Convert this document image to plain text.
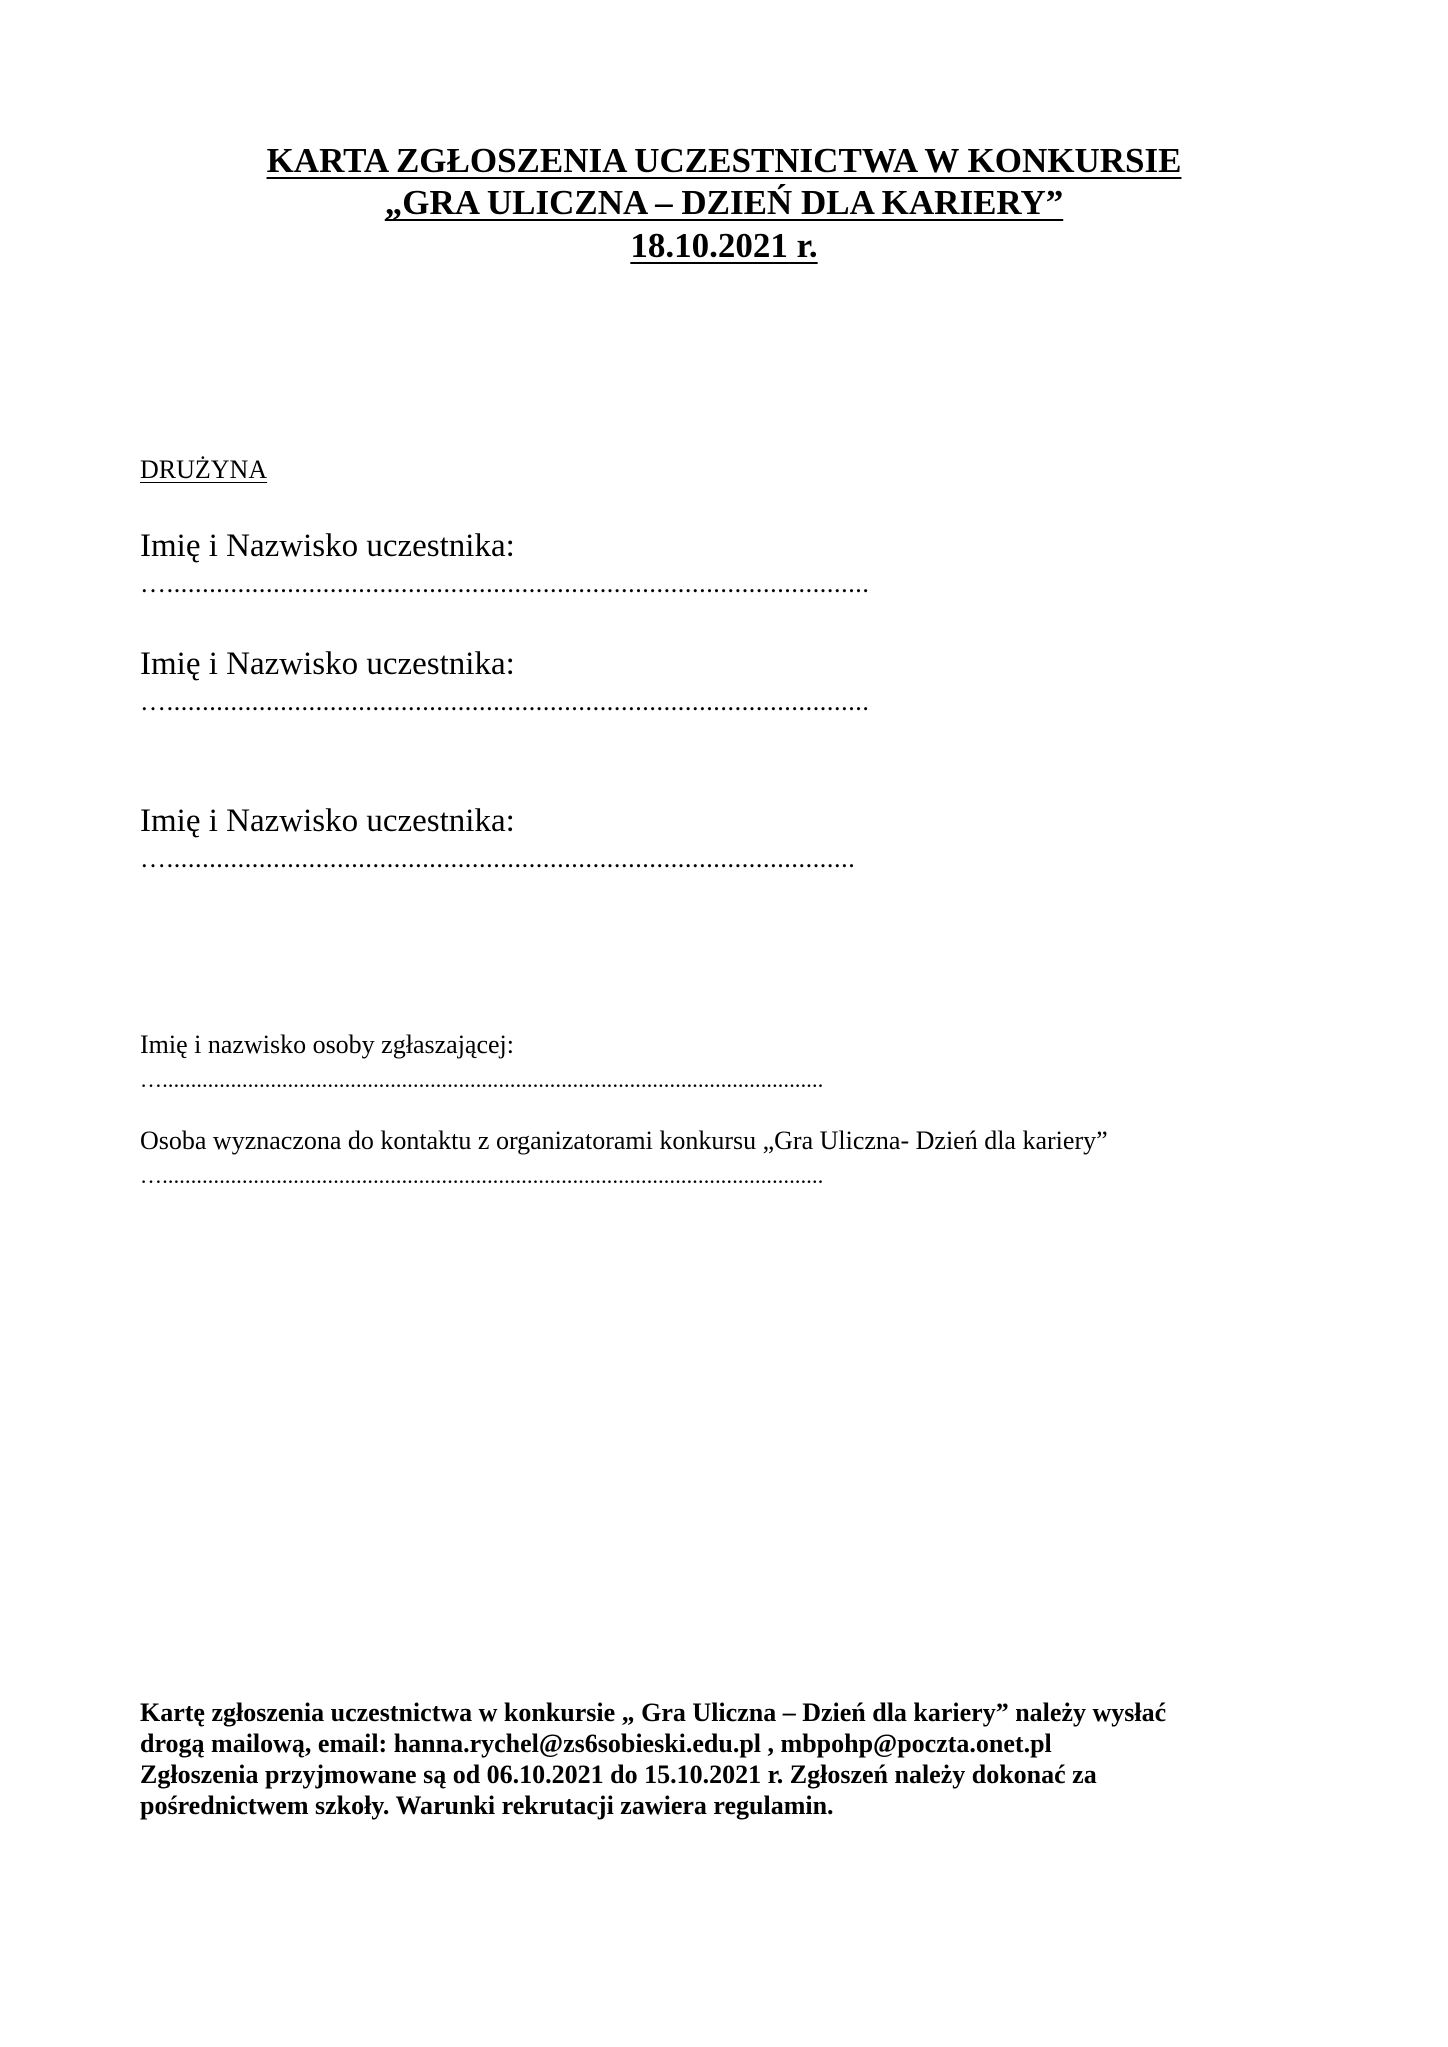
KARTA ZGŁOSZENIA UCZESTNICTWA W KONKURSIE
„GRA ULICZNA – DZIEŃ DLA KARIERY”
18.10.2021 r.
DRUŻYNA
Imię i Nazwisko uczestnika:
…...................................................................................................
Imię i Nazwisko uczestnika:
…...................................................................................................
Imię i Nazwisko uczestnika:
….................................................................................................
Imię i nazwisko osoby zgłaszającej:
…....................................................................................................................
Osoba wyznaczona do kontaktu z organizatorami konkursu „Gra Uliczna- Dzień dla kariery”
…....................................................................................................................
Kartę zgłoszenia uczestnictwa w konkursie „ Gra Uliczna – Dzień dla kariery” należy wysłać
drogą mailową, email: hanna.rychel@zs6sobieski.edu.pl , mbpohp@poczta.onet.pl
Zgłoszenia przyjmowane są od 06.10.2021 do 15.10.2021 r. Zgłoszeń należy dokonać za
pośrednictwem szkoły. Warunki rekrutacji zawiera regulamin.
